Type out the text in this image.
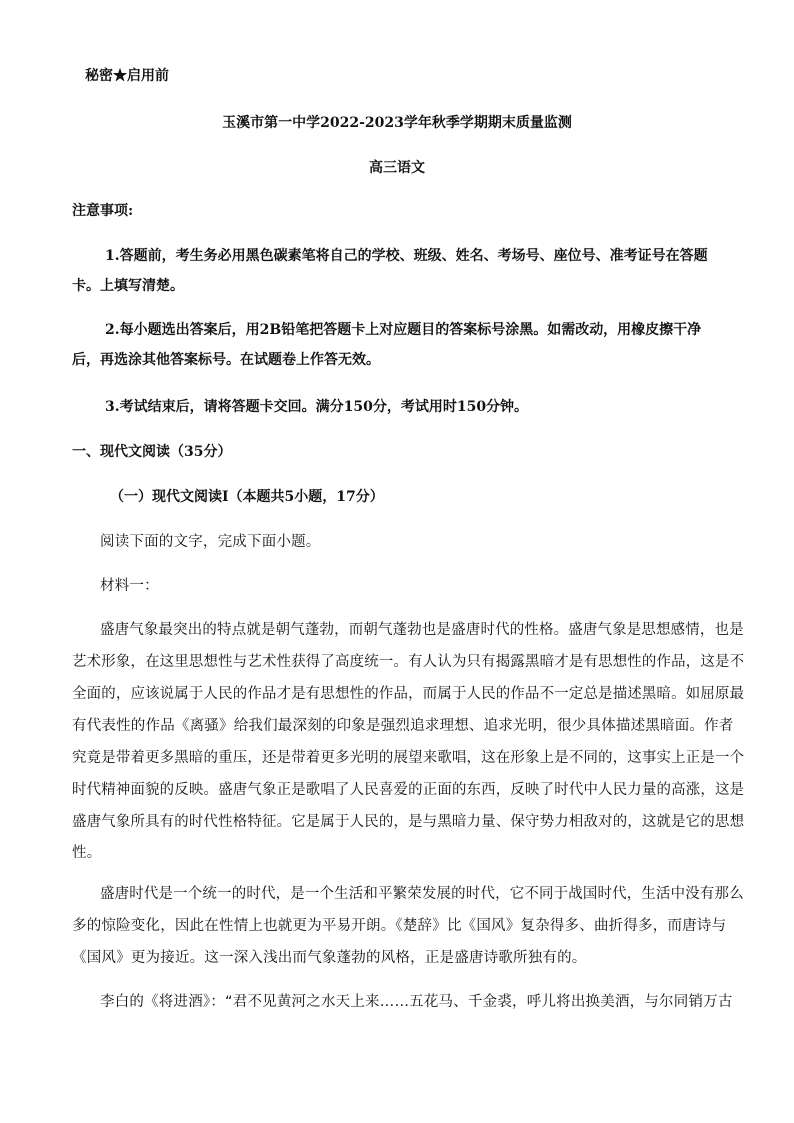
秘密★启用前
玉溪市第一中学2022-2023学年秋季学期期末质量监测
高三语文
注意事项:
1.答题前，考生务必用黑色碳素笔将自己的学校、班级、姓名、考场号、座位号、准考证号在答题
卡。上填写清楚。
2.每小题选出答案后，用2B铅笔把答题卡上对应题目的答案标号涂黑。如需改动，用橡皮擦干净
后，再选涂其他答案标号。在试题卷上作答无效。
3.考试结束后，请将答题卡交回。满分150分，考试用时150分钟。
一、现代文阅读（35分）
（一）现代文阅读I（本题共5小题，17分）
阅读下面的文字，完成下面小题。
材料一：
盛唐气象最突出的特点就是朝气蓬勃，而朝气蓬勃也是盛唐时代的性格。盛唐气象是思想感情，也是
艺术形象，在这里思想性与艺术性获得了高度统一。有人认为只有揭露黑暗才是有思想性的作品，这是不
全面的，应该说属于人民的作品才是有思想性的作品，而属于人民的作品不一定总是描述黑暗。如屈原最
有代表性的作品《离骚》给我们最深刻的印象是强烈追求理想、追求光明，很少具体描述黑暗面。作者
究竟是带着更多黑暗的重压，还是带着更多光明的展望来歌唱，这在形象上是不同的，这事实上正是一个
时代精神面貌的反映。盛唐气象正是歌唱了人民喜爱的正面的东西，反映了时代中人民力量的高涨，这是
盛唐气象所具有的时代性格特征。它是属于人民的，是与黑暗力量、保守势力相敌对的，这就是它的思想
性。
盛唐时代是一个统一的时代，是一个生活和平繁荣发展的时代，它不同于战国时代，生活中没有那么
多的惊险变化，因此在性情上也就更为平易开朗。《楚辞》比《国风》复杂得多、曲折得多，而唐诗与
《国风》更为接近。这一深入浅出而气象蓬勃的风格，正是盛唐诗歌所独有的。
李白的《将进酒》：“君不见黄河之水天上来……五花马、千金裘，呼儿将出换美酒，与尔同销万古
